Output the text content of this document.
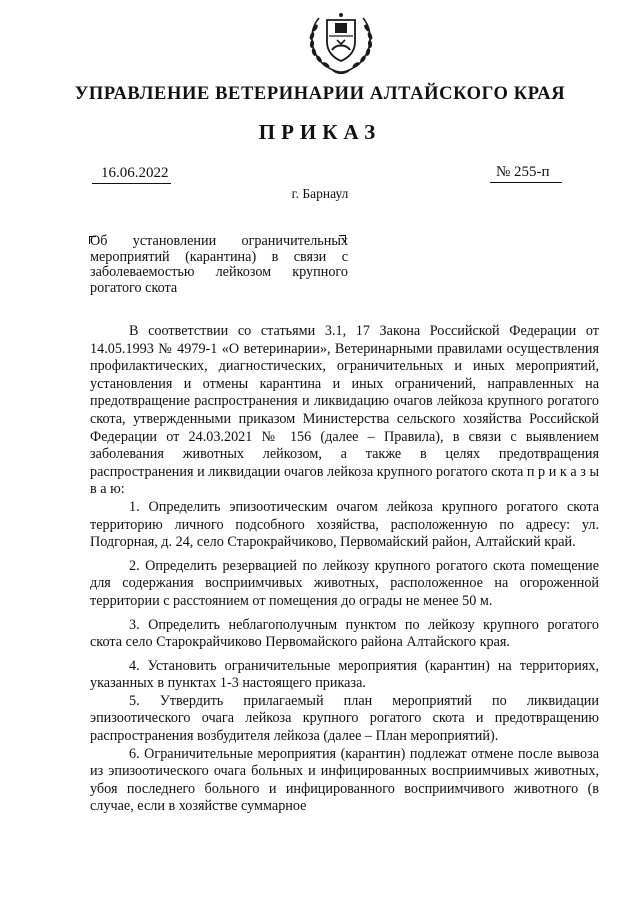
УПРАВЛЕНИЕ ВЕТЕРИНАРИИ АЛТАЙСКОГО КРАЯ
ПРИКАЗ
16.06.2022	№ 255-п
г. Барнаул

Об установлении ограничительных

мероприятий (карантина) в связи с

заболеваемостью лейкозом крупного

рогатого скота

В соответствии со статьями 3.1, 17 Закона Российской Федерации от 14.05.1993 № 4979-1 «О ветеринарии», Ветеринарными правилами осуществления профилактических, диагностических, ограничительных и иных мероприятий, установления и отмены карантина и иных ограничений, направленных на предотвращение распространения и ликвидацию очагов лейкоза крупного рогатого скота, утвержденными приказом Министерства сельского хозяйства Российской Федерации от 24.03.2021 № 156 (далее – Правила), в связи с выявлением заболевания животных лейкозом, а также в целях предотвращения распространения и ликвидации очагов лейкоза крупного рогатого скота п р и к а з ы в а ю:

1. Определить эпизоотическим очагом лейкоза крупного рогатого скота территорию личного подсобного хозяйства, расположенную по адресу: ул. Подгорная, д. 24, село Старокрайчиково, Первомайский район, Алтайский край.

2. Определить резервацией по лейкозу крупного рогатого скота помещение для содержания восприимчивых животных, расположенное на огороженной территории с расстоянием от помещения до ограды не менее 50 м.

3. Определить неблагополучным пунктом по лейкозу крупного рогатого скота село Старокрайчиково Первомайского района Алтайского края.

4. Установить ограничительные мероприятия (карантин) на территориях, указанных в пунктах 1-3 настоящего приказа.

5. Утвердить прилагаемый план мероприятий по ликвидации эпизоотического очага лейкоза крупного рогатого скота и предотвращению распространения возбудителя лейкоза (далее – План мероприятий).

6. Ограничительные мероприятия (карантин) подлежат отмене после вывоза из эпизоотического очага больных и инфицированных восприимчивых животных, убоя последнего больного и инфицированного восприимчивого животного (в случае, если в хозяйстве суммарное
